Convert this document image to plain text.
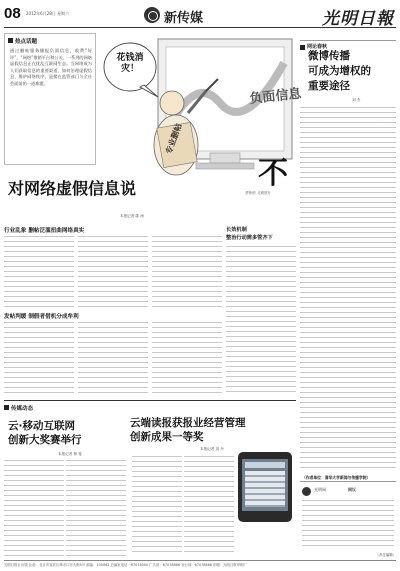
08 2012年6月28日 星期六	新传媒	光明日報
热点话题
通过删帖服务播报负面信息，收费“好评”，“网络”推销平台和公关，一系列的网络虚假信息正在扰乱互联网生态。当网络成为人们获取信息的重要渠道，如何治理虚假信息、维护网络秩序，是摆在监管部门与全社会面前的一道难题。
负面信息
专业删帖
花钱消灾！
不
蔡锋/作 光明图片
对网络虚假信息说
本报记者 陈 雨
行业乱象 删帖泛滥扭曲网络真实
发帖判缓 制假者借机分成牟利
长效机制
整治行动需多管齐下
网论春秋
微博传播
可成为增权的
重要途径
刘 杰
（作者单位：清华大学新闻与传播学院）
光明网	网议
（责任编辑）
传媒动态
云·移动互联网
创新大奖赛举行
本报记者 林 斐
云端读报获报业经营管理
创新成果一等奖
本报记者 刘 丹
光明日报社出版 社址：北京市宣武区珠市口东大街5号 邮编：100062 总编室电话：67078000 广告部：67078866 发行部：67078866 印刷：光明日报印刷厂
